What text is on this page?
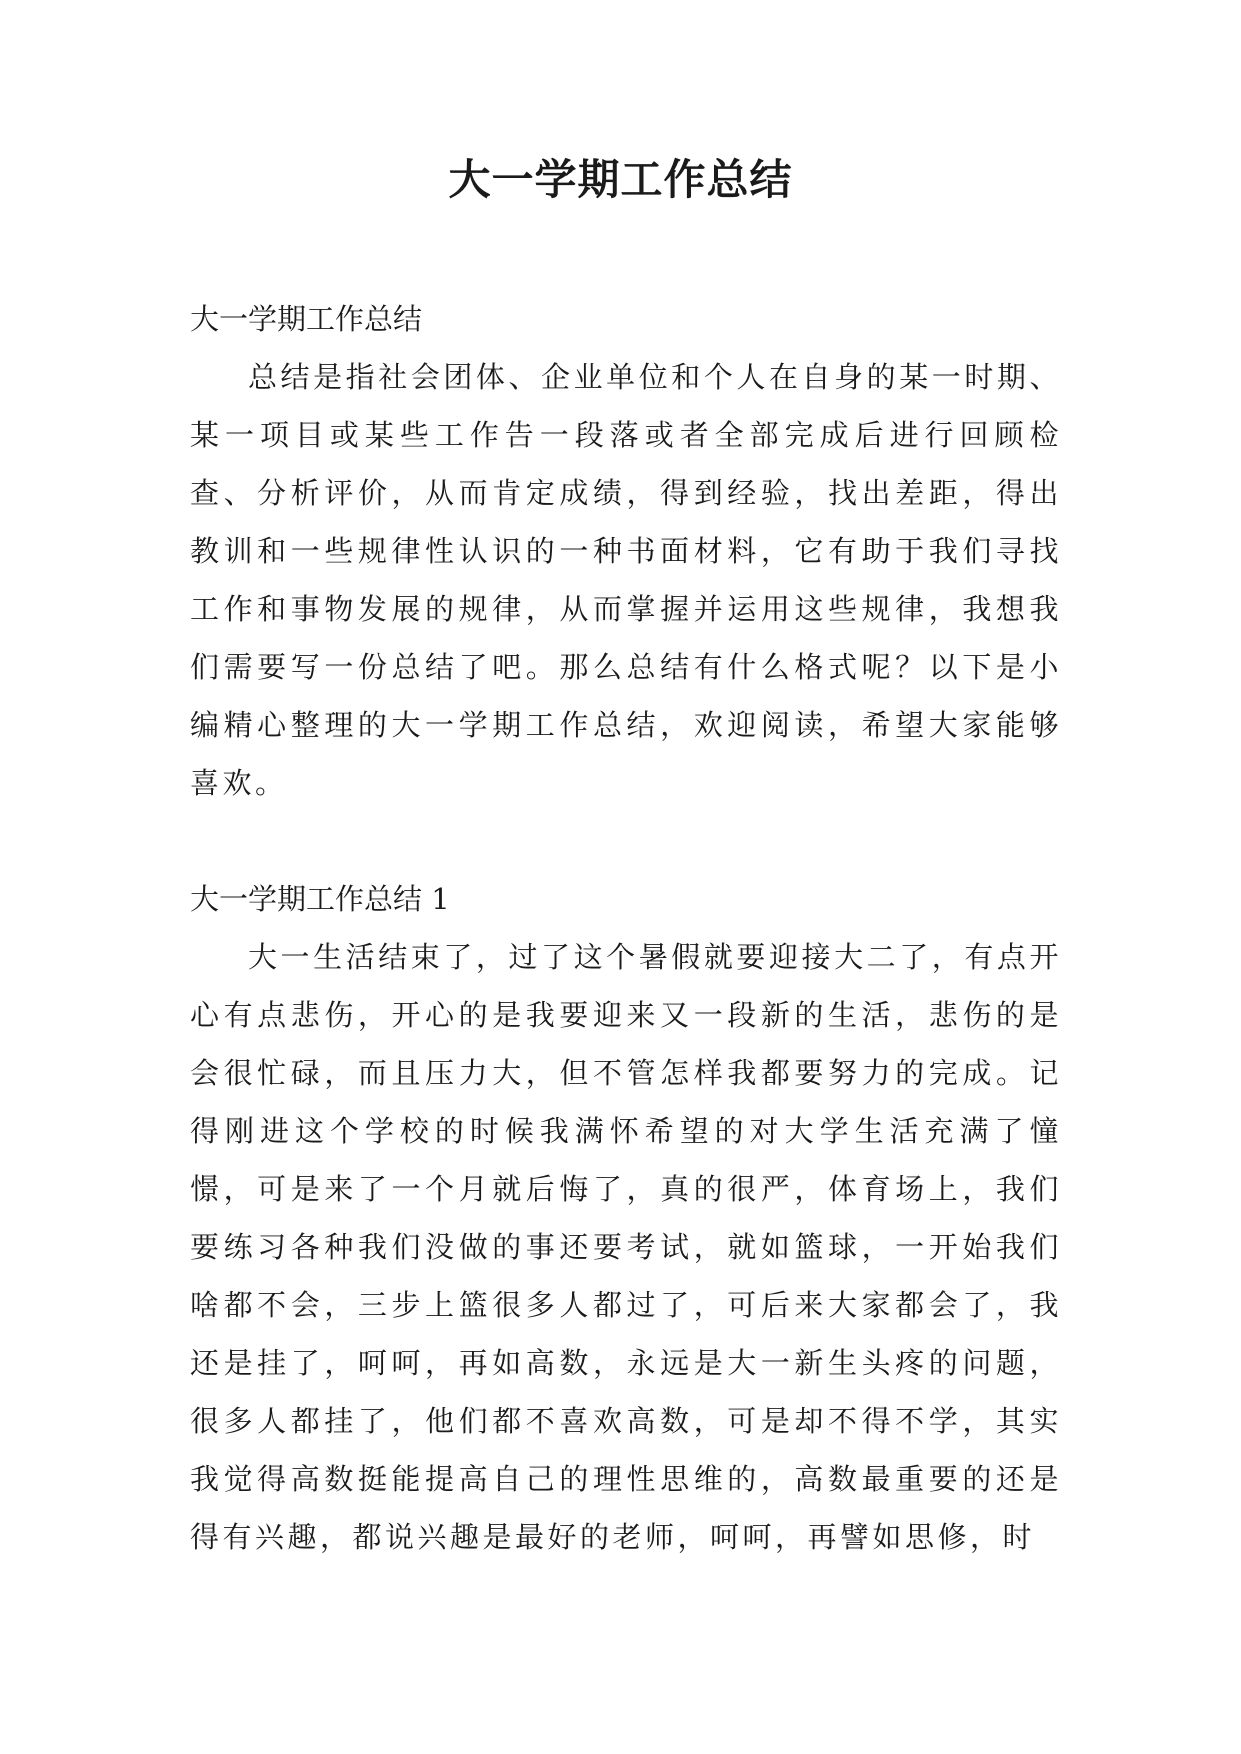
大一学期工作总结

大一学期工作总结

总结是指社会团体、企业单位和个人在自身的某一时期、某一项目或某些工作告一段落或者全部完成后进行回顾检查、分析评价，从而肯定成绩，得到经验，找出差距，得出教训和一些规律性认识的一种书面材料，它有助于我们寻找工作和事物发展的规律，从而掌握并运用这些规律，我想我们需要写一份总结了吧。那么总结有什么格式呢？以下是小编精心整理的大一学期工作总结，欢迎阅读，希望大家能够喜欢。

大一学期工作总结 1

大一生活结束了，过了这个暑假就要迎接大二了，有点开心有点悲伤，开心的是我要迎来又一段新的生活，悲伤的是会很忙碌，而且压力大，但不管怎样我都要努力的完成。记得刚进这个学校的时候我满怀希望的对大学生活充满了憧憬，可是来了一个月就后悔了，真的很严，体育场上，我们要练习各种我们没做的事还要考试，就如篮球，一开始我们啥都不会，三步上篮很多人都过了，可后来大家都会了，我还是挂了，呵呵，再如高数，永远是大一新生头疼的问题，很多人都挂了，他们都不喜欢高数，可是却不得不学，其实我觉得高数挺能提高自己的理性思维的，高数最重要的还是得有兴趣，都说兴趣是最好的老师，呵呵，再譬如思修，时
